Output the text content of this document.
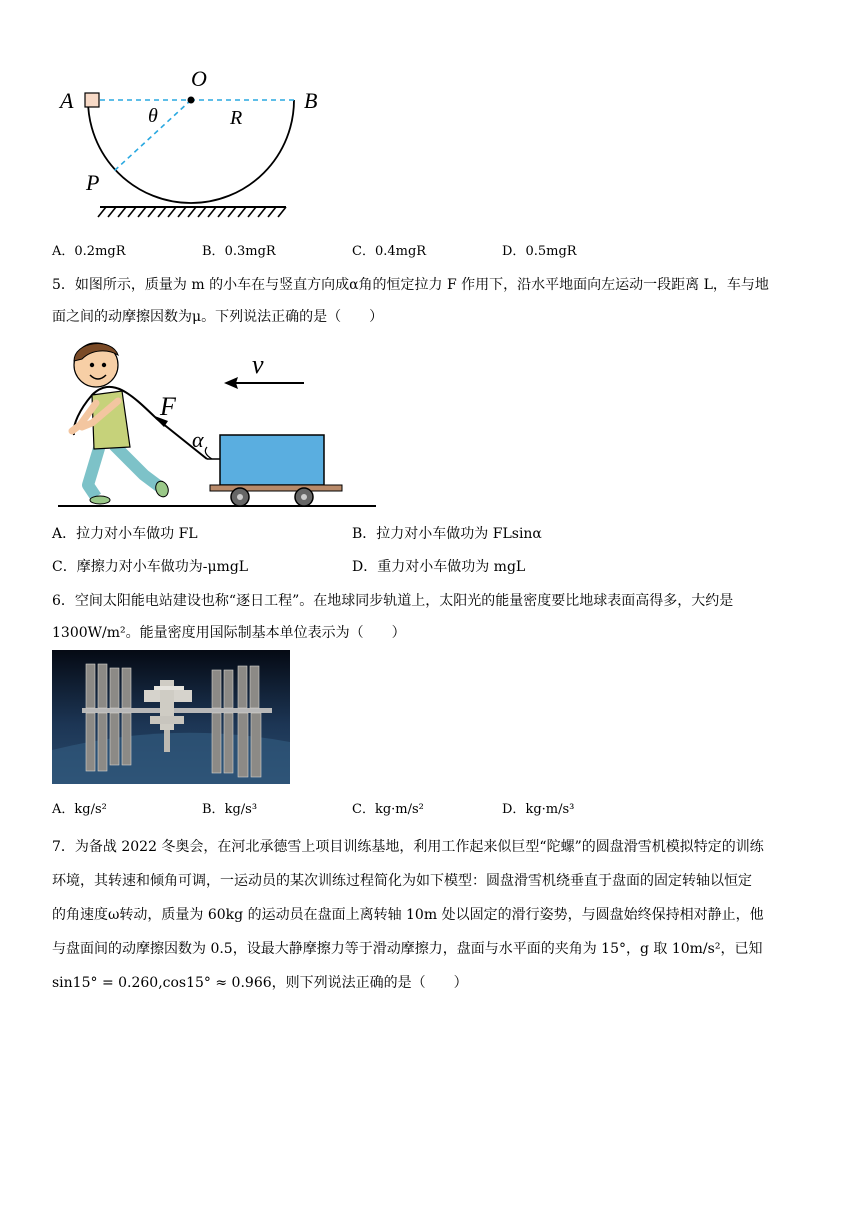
A
O
B
θ	R
P
A．0.2mgR	B．0.3mgR	C．0.4mgR	D．0.5mgR
5．如图所示，质量为 m 的小车在与竖直方向成α角的恒定拉力 F 作用下，沿水平地面向左运动一段距离 L，车与地
面之间的动摩擦因数为μ。下列说法正确的是（　　）
v
F
α
A．拉力对小车做功 FL	B．拉力对小车做功为 FLsinα
C．摩擦力对小车做功为-μmgL	D．重力对小车做功为 mgL
6．空间太阳能电站建设也称“逐日工程”。在地球同步轨道上，太阳光的能量密度要比地球表面高得多，大约是
1300W/m²。能量密度用国际制基本单位表示为（　　）
A．kg/s²	B．kg/s³	C．kg·m/s²	D．kg·m/s³
7．为备战 2022 冬奥会，在河北承德雪上项目训练基地，利用工作起来似巨型“陀螺”的圆盘滑雪机模拟特定的训练
环境，其转速和倾角可调，一运动员的某次训练过程简化为如下模型：圆盘滑雪机绕垂直于盘面的固定转轴以恒定
的角速度ω转动，质量为 60kg 的运动员在盘面上离转轴 10m 处以固定的滑行姿势，与圆盘始终保持相对静止，他
与盘面间的动摩擦因数为 0.5，设最大静摩擦力等于滑动摩擦力，盘面与水平面的夹角为 15°，g 取 10m/s²，已知
sin15° = 0.260,cos15° ≈ 0.966，则下列说法正确的是（　　）
